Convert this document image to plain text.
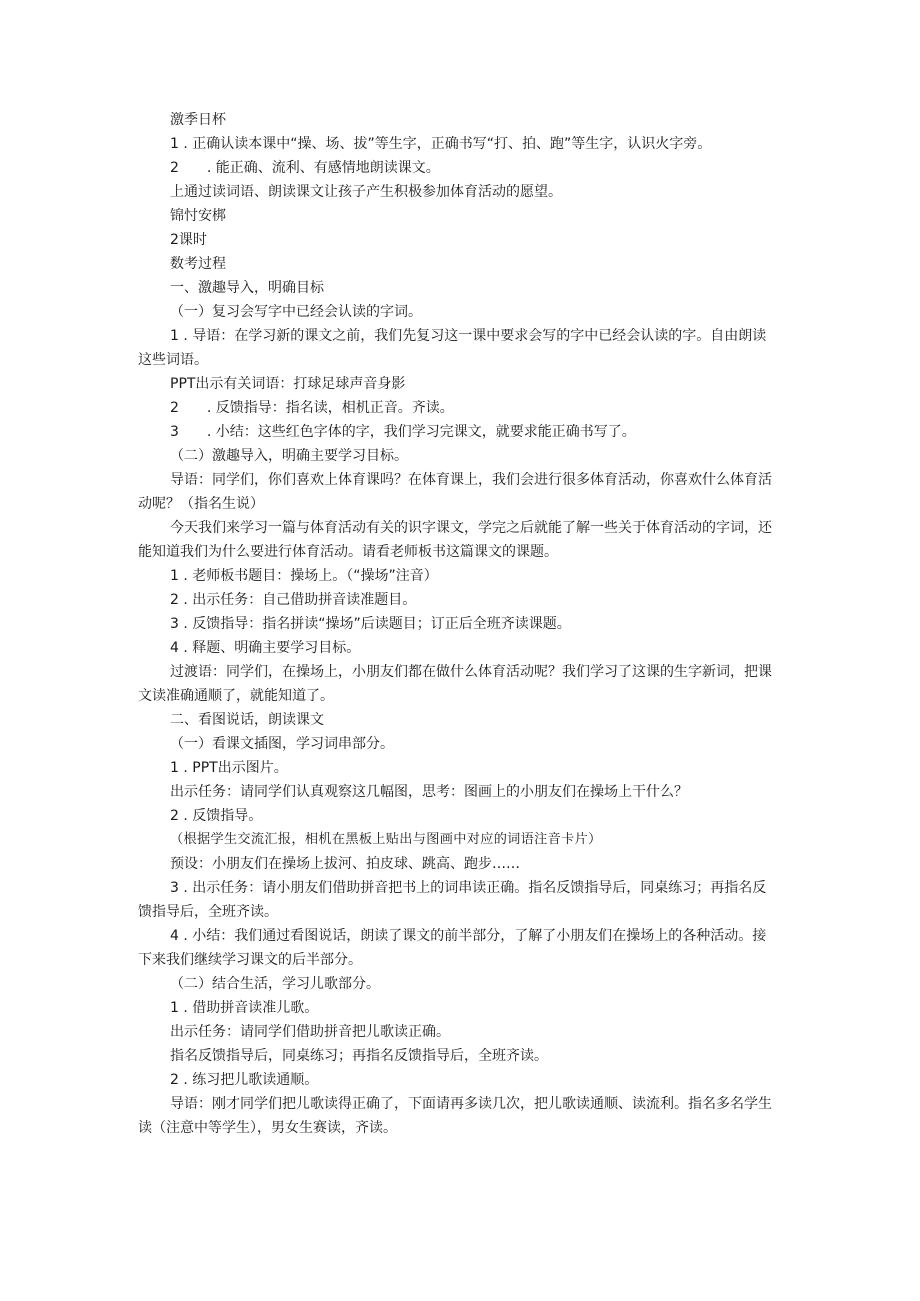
激季日杯

1 . 正确认读本课中“操、场、拔”等生字，正确书写“打、拍、跑”等生字，认识火字旁。

2　　. 能正确、流利、有感情地朗读课文。

上通过读词语、朗读课文让孩子产生积极参加体育活动的愿望。

锦忖安梆

2课时

数考过程

一、激趣导入，明确目标

（一）复习会写字中已经会认读的字词。

1 . 导语：在学习新的课文之前，我们先复习这一课中要求会写的字中已经会认读的字。自由朗读这些词语。

PPT出示有关词语：打球足球声音身影

2　　. 反馈指导：指名读，相机正音。齐读。

3　　. 小结：这些红色字体的字，我们学习完课文，就要求能正确书写了。

（二）激趣导入，明确主要学习目标。

导语：同学们，你们喜欢上体育课吗？在体育课上，我们会进行很多体育活动，你喜欢什么体育活动呢？（指名生说）

今天我们来学习一篇与体育活动有关的识字课文，学完之后就能了解一些关于体育活动的字词，还能知道我们为什么要进行体育活动。请看老师板书这篇课文的课题。

1 . 老师板书题目：操场上。（“操场”注音）

2 . 出示任务：自己借助拼音读准题目。

3 . 反馈指导：指名拼读“操场”后读题目；订正后全班齐读课题。

4 . 释题、明确主要学习目标。

过渡语：同学们，在操场上，小朋友们都在做什么体育活动呢？我们学习了这课的生字新词，把课文读准确通顺了，就能知道了。

二、看图说话，朗读课文

（一）看课文插图，学习词串部分。

1 . PPT出示图片。

出示任务：请同学们认真观察这几幅图，思考：图画上的小朋友们在操场上干什么？

2 . 反馈指导。

（根据学生交流汇报，相机在黑板上贴出与图画中对应的词语注音卡片）

预设：小朋友们在操场上拔河、拍皮球、跳高、跑步……

3 . 出示任务：请小朋友们借助拼音把书上的词串读正确。指名反馈指导后，同桌练习；再指名反馈指导后，全班齐读。

4 . 小结：我们通过看图说话，朗读了课文的前半部分，了解了小朋友们在操场上的各种活动。接下来我们继续学习课文的后半部分。

（二）结合生活，学习儿歌部分。

1 . 借助拼音读准儿歌。

出示任务：请同学们借助拼音把儿歌读正确。

指名反馈指导后，同桌练习；再指名反馈指导后，全班齐读。

2 . 练习把儿歌读通顺。

导语：刚才同学们把儿歌读得正确了，下面请再多读几次，把儿歌读通顺、读流利。指名多名学生读（注意中等学生），男女生赛读，齐读。
